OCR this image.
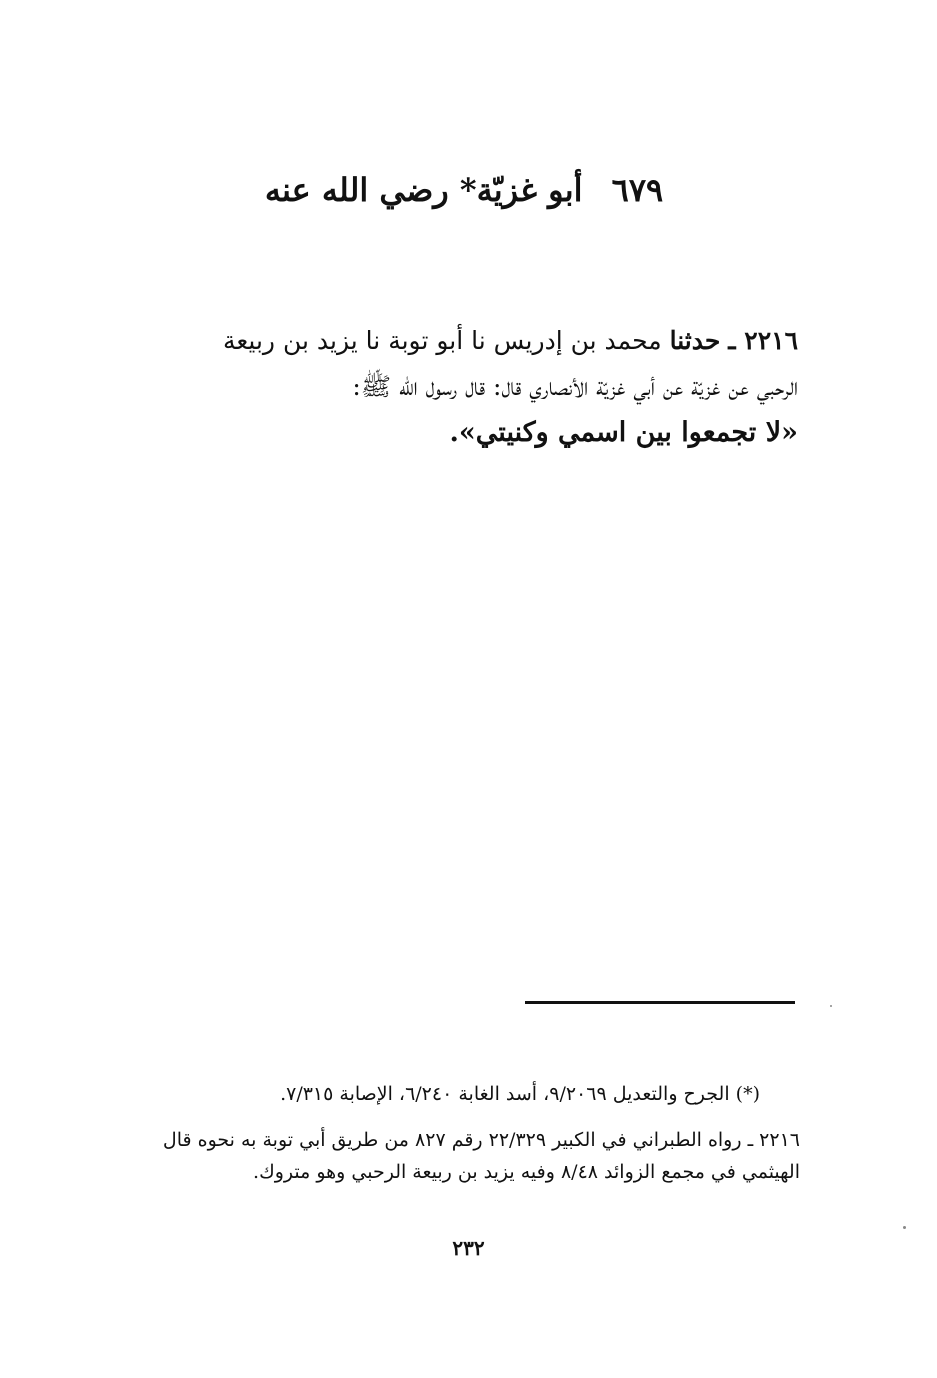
٦٧٩ أبو غزيّة* رضي الله عنه
٢٢١٦ ـ حدثنا محمد بن إدريس نا أبو توبة نا يزيد بن ربيعة
الرحبي عن غزيّة عن أبي غزيّة الأنصاري قال: قال رسول الله ﷺ:
«لا تجمعوا بين اسمي وكنيتي».
(*) الجرح والتعديل ٩/٢٠٦٩، أسد الغابة ٦/٢٤٠، الإصابة ٧/٣١٥.
٢٢١٦ ـ رواه الطبراني في الكبير ٢٢/٣٢٩ رقم ٨٢٧ من طريق أبي توبة به نحوه قال
الهيثمي في مجمع الزوائد ٨/٤٨ وفيه يزيد بن ربيعة الرحبي وهو متروك.
٢٣٢
